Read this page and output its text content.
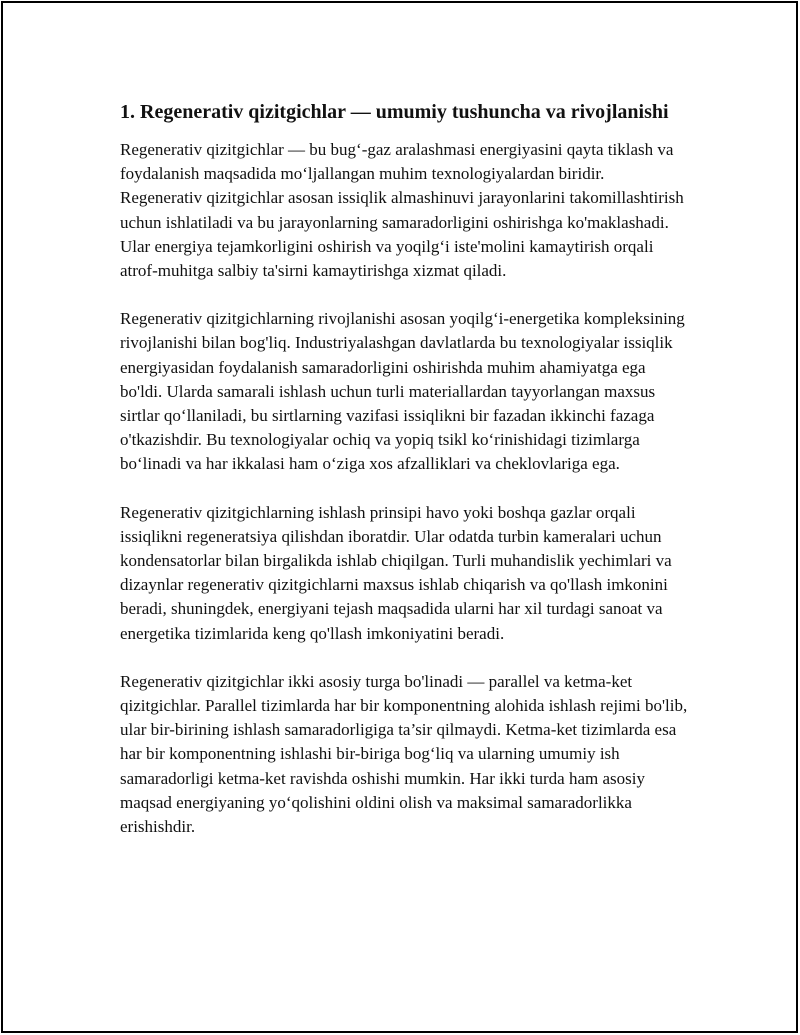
1. Regenerativ qizitgichlar — umumiy tushuncha va rivojlanishi

Regenerativ qizitgichlar — bu bug‘-gaz aralashmasi energiyasini qayta tiklash va foydalanish maqsadida mo‘ljallangan muhim texnologiyalardan biridir. Regenerativ qizitgichlar asosan issiqlik almashinuvi jarayonlarini takomillashtirish uchun ishlatiladi va bu jarayonlarning samaradorligini oshirishga ko'maklashadi. Ular energiya tejamkorligini oshirish va yoqilg‘i iste'molini kamaytirish orqali atrof-muhitga salbiy ta'sirni kamaytirishga xizmat qiladi.

Regenerativ qizitgichlarning rivojlanishi asosan yoqilg‘i-energetika kompleksining rivojlanishi bilan bog'liq. Industriyalashgan davlatlarda bu texnologiyalar issiqlik energiyasidan foydalanish samaradorligini oshirishda muhim ahamiyatga ega bo'ldi. Ularda samarali ishlash uchun turli materiallardan tayyorlangan maxsus sirtlar qo‘llaniladi, bu sirtlarning vazifasi issiqlikni bir fazadan ikkinchi fazaga o'tkazishdir. Bu texnologiyalar ochiq va yopiq tsikl ko‘rinishidagi tizimlarga bo‘linadi va har ikkalasi ham o‘ziga xos afzalliklari va cheklovlariga ega.

Regenerativ qizitgichlarning ishlash prinsipi havo yoki boshqa gazlar orqali issiqlikni regeneratsiya qilishdan iboratdir. Ular odatda turbin kameralari uchun kondensatorlar bilan birgalikda ishlab chiqilgan. Turli muhandislik yechimlari va dizaynlar regenerativ qizitgichlarni maxsus ishlab chiqarish va qo'llash imkonini beradi, shuningdek, energiyani tejash maqsadida ularni har xil turdagi sanoat va energetika tizimlarida keng qo'llash imkoniyatini beradi.

Regenerativ qizitgichlar ikki asosiy turga bo'linadi — parallel va ketma-ket qizitgichlar. Parallel tizimlarda har bir komponentning alohida ishlash rejimi bo'lib, ular bir-birining ishlash samaradorligiga ta’sir qilmaydi. Ketma-ket tizimlarda esa har bir komponentning ishlashi bir-biriga bog‘liq va ularning umumiy ish samaradorligi ketma-ket ravishda oshishi mumkin. Har ikki turda ham asosiy maqsad energiyaning yo‘qolishini oldini olish va maksimal samaradorlikka erishishdir.
